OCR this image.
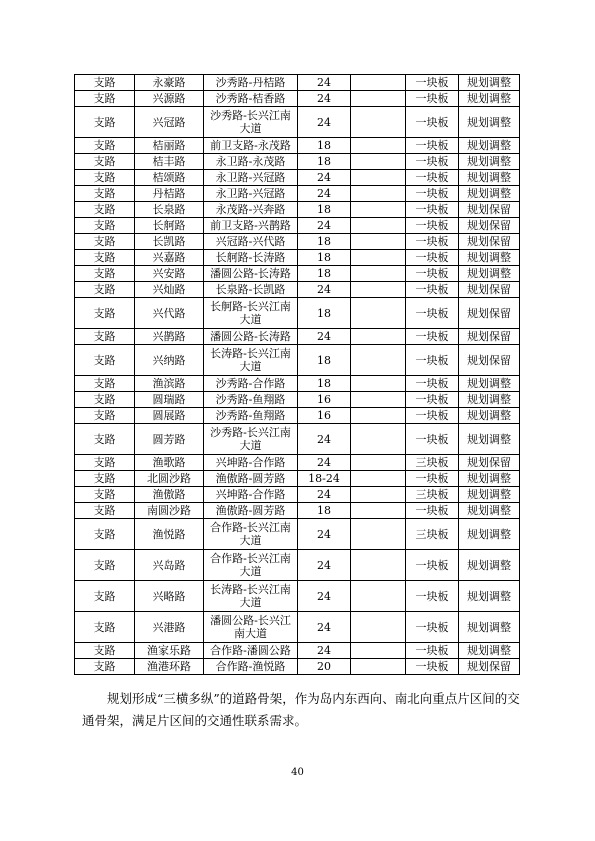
支路	永豪路	沙秀路-丹桔路	24		一块板	规划调整
支路	兴源路	沙秀路-桔香路	24		一块板	规划调整
支路	兴冠路	沙秀路-长兴江南大道	24		一块板	规划调整
支路	桔丽路	前卫支路-永茂路	18		一块板	规划调整
支路	桔丰路	永卫路-永茂路	18		一块板	规划调整
支路	桔颂路	永卫路-兴冠路	24		一块板	规划调整
支路	丹桔路	永卫路-兴冠路	24		一块板	规划调整
支路	长泉路	永茂路-兴奔路	18		一块板	规划保留
支路	长舸路	前卫支路-兴鹊路	24		一块板	规划保留
支路	长凯路	兴冠路-兴代路	18		一块板	规划保留
支路	兴嘉路	长舸路-长涛路	18		一块板	规划调整
支路	兴安路	潘圆公路-长涛路	18		一块板	规划调整
支路	兴灿路	长泉路-长凯路	24		一块板	规划保留
支路	兴代路	长舸路-长兴江南大道	18		一块板	规划保留
支路	兴鹊路	潘圆公路-长涛路	24		一块板	规划保留
支路	兴纳路	长涛路-长兴江南大道	18		一块板	规划保留
支路	渔滨路	沙秀路-合作路	18		一块板	规划调整
支路	圆瑞路	沙秀路-鱼翔路	16		一块板	规划调整
支路	圆展路	沙秀路-鱼翔路	16		一块板	规划调整
支路	圆芳路	沙秀路-长兴江南大道	24		一块板	规划调整
支路	渔歌路	兴坤路-合作路	24		三块板	规划保留
支路	北圆沙路	渔傲路-圆芳路	18-24		一块板	规划调整
支路	渔傲路	兴坤路-合作路	24		三块板	规划调整
支路	南圆沙路	渔傲路-圆芳路	18		一块板	规划调整
支路	渔悦路	合作路-长兴江南大道	24		三块板	规划调整
支路	兴岛路	合作路-长兴江南大道	24		一块板	规划调整
支路	兴略路	长涛路-长兴江南大道	24		一块板	规划调整
支路	兴港路	潘圆公路-长兴江南大道	24		一块板	规划调整
支路	渔家乐路	合作路-潘圆公路	24		一块板	规划调整
支路	渔港环路	合作路-渔悦路	20		一块板	规划保留

规划形成“三横多纵”的道路骨架，作为岛内东西向、南北向重点片区间的交通骨架，满足片区间的交通性联系需求。

40
